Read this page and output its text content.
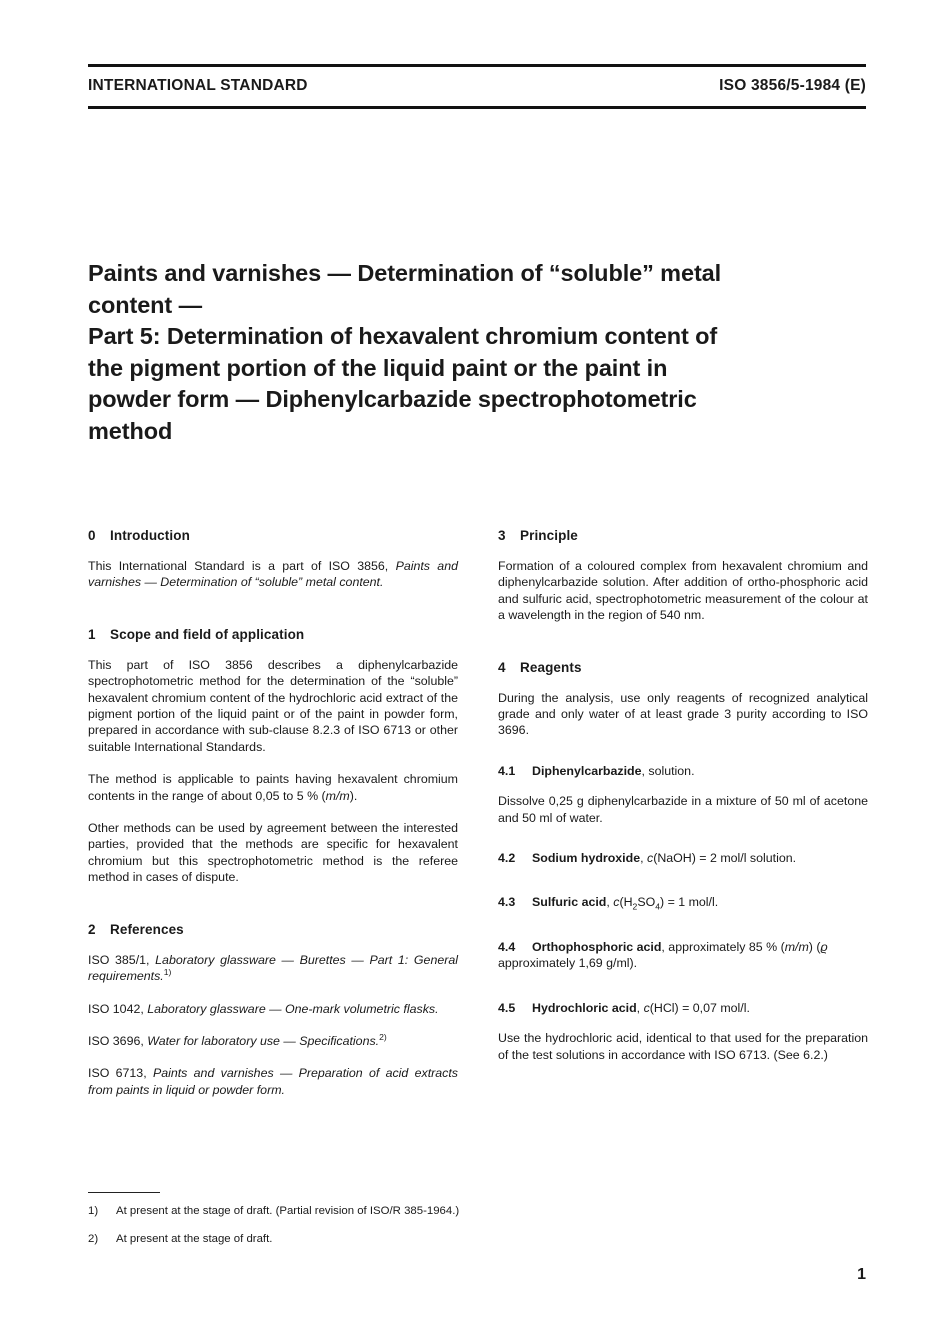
INTERNATIONAL STANDARD	ISO 3856/5-1984 (E)
Paints and varnishes — Determination of “soluble” metal
content —
Part 5: Determination of hexavalent chromium content of
the pigment portion of the liquid paint or the paint in
powder form — Diphenylcarbazide spectrophotometric
method
0 Introduction

This International Standard is a part of ISO 3856, Paints and varnishes — Determination of “soluble” metal content.

1 Scope and field of application

This part of ISO 3856 describes a diphenylcarbazide spectrophotometric method for the determination of the “soluble” hexavalent chromium content of the hydrochloric acid extract of the pigment portion of the liquid paint or of the paint in powder form, prepared in accordance with sub-clause 8.2.3 of ISO 6713 or other suitable International Standards.

The method is applicable to paints having hexavalent chromium contents in the range of about 0,05 to 5 % (m/m).

Other methods can be used by agreement between the interested parties, provided that the methods are specific for hexavalent chromium but this spectrophotometric method is the referee method in cases of dispute.

2 References

ISO 385/1, Laboratory glassware — Burettes — Part 1: General requirements.$^{1)}$

ISO 1042, Laboratory glassware — One-mark volumetric flasks.

ISO 3696, Water for laboratory use — Specifications.$^{2)}$

ISO 6713, Paints and varnishes — Preparation of acid extracts from paints in liquid or powder form.

3 Principle

Formation of a coloured complex from hexavalent chromium and diphenylcarbazide solution. After addition of ortho-phosphoric acid and sulfuric acid, spectrophotometric measurement of the colour at a wavelength in the region of 540 nm.

4 Reagents

During the analysis, use only reagents of recognized analytical grade and only water of at least grade 3 purity according to ISO 3696.

4.1 Diphenylcarbazide, solution.

Dissolve 0,25 g diphenylcarbazide in a mixture of 50 ml of acetone and 50 ml of water.

4.2 Sodium hydroxide, c(NaOH) = 2 mol/l solution.

4.3 Sulfuric acid, $c(H_2SO_4) = 1$ mol/l.

4.4 Orthophosphoric acid, approximately 85 % (m/m) (ϱ approximately 1,69 g/ml).

4.5 Hydrochloric acid, c(HCl) = 0,07 mol/l.

Use the hydrochloric acid, identical to that used for the preparation of the test solutions in accordance with ISO 6713. (See 6.2.)

1)	At present at the stage of draft. (Partial revision of ISO/R 385-1964.)
2)	At present at the stage of draft.
1
